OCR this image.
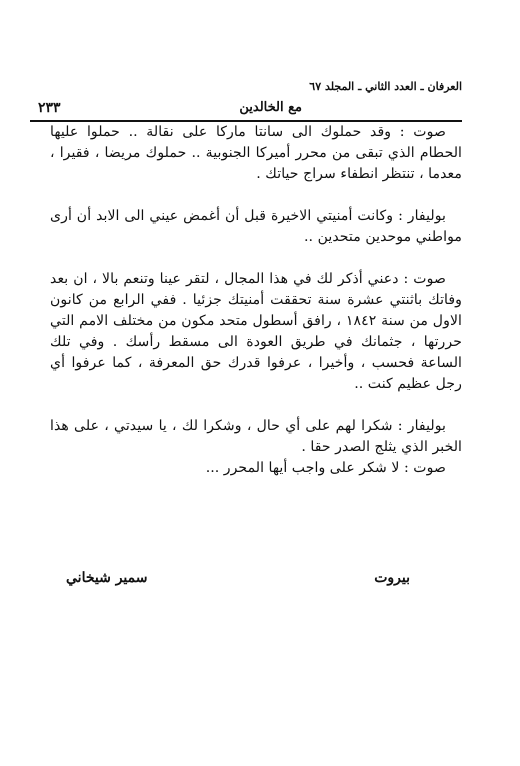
العرفان ـ العدد الثاني ـ المجلد ٦٧
مع الخالدين
٢٣٣

صوت : وقد حملوك الى سانتا ماركا على نقالة .. حملوا عليها الحطام الذي تبقى من محرر أميركا الجنوبية .. حملوك مريضا ، فقيرا ، معدما ، تنتظر انطفاء سراج حياتك .

بوليفار : وكانت أمنيتي الاخيرة قبل أن أغمض عيني الى الابد أن أرى مواطني موحدين متحدين ..

صوت : دعني أذكر لك في هذا المجال ، لتقر عينا وتنعم بالا ، ان بعد وفاتك باثنتي عشرة سنة تحققت أمنيتك جزئيا . ففي الرابع من كانون الاول من سنة ١٨٤٢ ، رافق أسطول متحد مكون من مختلف الامم التي حررتها ، جثمانك في طريق العودة الى مسقط رأسك . وفي تلك الساعة فحسب ، وأخيرا ، عرفوا قدرك حق المعرفة ، كما عرفوا أي رجل عظيم كنت ..

بوليفار : شكرا لهم على أي حال ، وشكرا لك ، يا سيدتي ، على هذا الخبر الذي يثلج الصدر حقا .

صوت : لا شكر على واجب أيها المحرر ...

بيروت
سمير شيخاني
